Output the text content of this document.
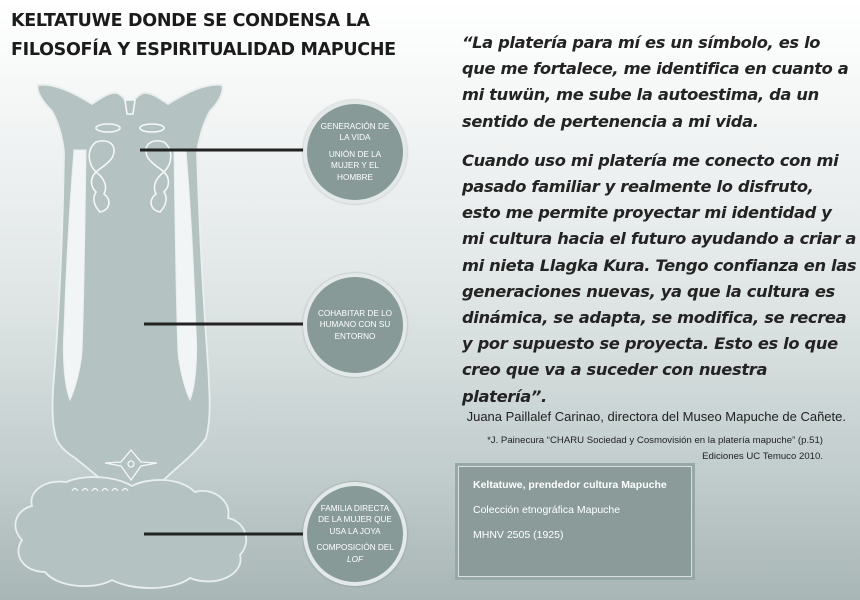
KELTATUWE DONDE SE CONDENSA LA
FILOSOFÍA Y ESPIRITUALIDAD MAPUCHE

GENERACIÓN DE LA VIDA

UNIÓN DE LA MUJER Y EL HOMBRE

COHABITAR DE LO HUMANO CON SU ENTORNO

FAMILIA DIRECTA DE LA MUJER QUE USA LA JOYA

COMPOSICIÓN DEL LOF

“La platería para mí es un símbolo, es lo que me fortalece, me identifica en cuanto a mi tuwün, me sube la autoestima, da un sentido de pertenencia a mi vida.

Cuando uso mi platería me conecto con mi pasado familiar y realmente lo disfruto, esto me permite proyectar mi identidad y mi cultura hacia el futuro ayudando a criar a mi nieta Llagka Kura. Tengo confianza en las generaciones nuevas, ya que la cultura es dinámica, se adapta, se modifica, se recrea y por supuesto se proyecta. Esto es lo que creo que va a suceder con nuestra platería”.

Juana Paillalef Carinao, directora del Museo Mapuche de Cañete.

*J. Painecura “CHARU Sociedad y Cosmovisión en la platería mapuche” (p.51)
Ediciones UC Temuco 2010.

Keltatuwe, prendedor cultura Mapuche

Colección etnográfica Mapuche

MHNV 2505 (1925)
